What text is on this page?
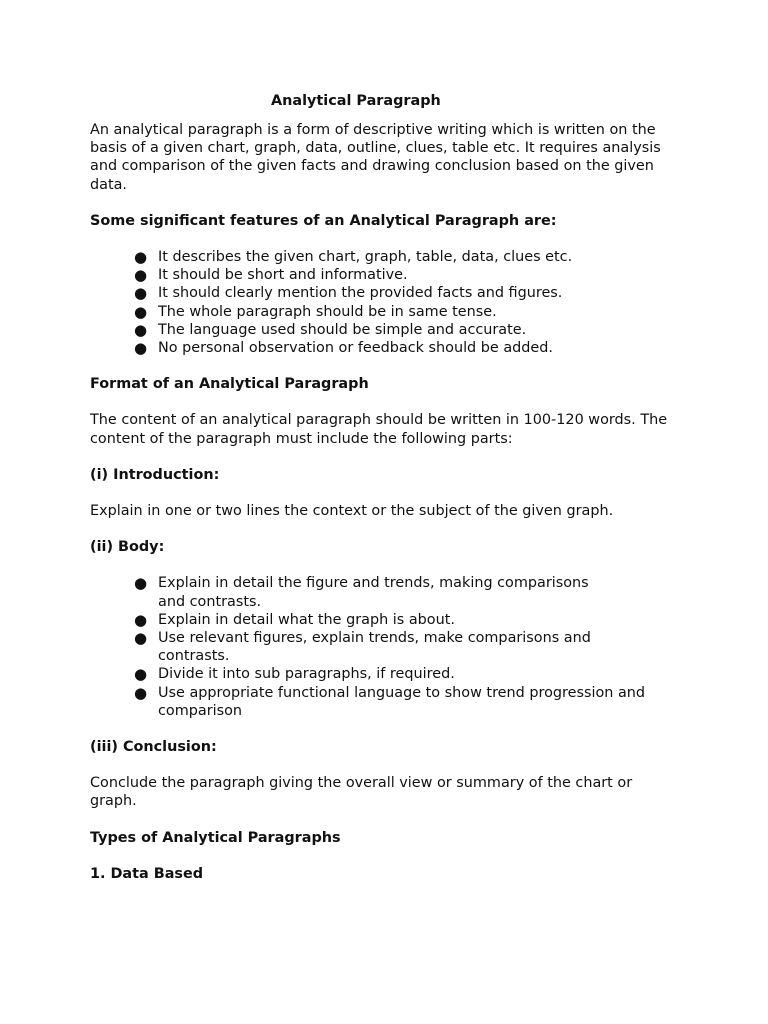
Analytical Paragraph

An analytical paragraph is a form of descriptive writing which is written on the basis of a given chart, graph, data, outline, clues, table etc. It requires analysis and comparison of the given facts and drawing conclusion based on the given data.

Some significant features of an Analytical Paragraph are:

● It describes the given chart, graph, table, data, clues etc.
● It should be short and informative.
● It should clearly mention the provided facts and figures.
● The whole paragraph should be in same tense.
● The language used should be simple and accurate.
● No personal observation or feedback should be added.

Format of an Analytical Paragraph

The content of an analytical paragraph should be written in 100-120 words. The content of the paragraph must include the following parts:

(i) Introduction:

Explain in one or two lines the context or the subject of the given graph.

(ii) Body:

● Explain in detail the figure and trends, making comparisons and contrasts.
● Explain in detail what the graph is about.
● Use relevant figures, explain trends, make comparisons and contrasts.
● Divide it into sub paragraphs, if required.
● Use appropriate functional language to show trend progression and comparison

(iii) Conclusion:

Conclude the paragraph giving the overall view or summary of the chart or graph.

Types of Analytical Paragraphs

1. Data Based
